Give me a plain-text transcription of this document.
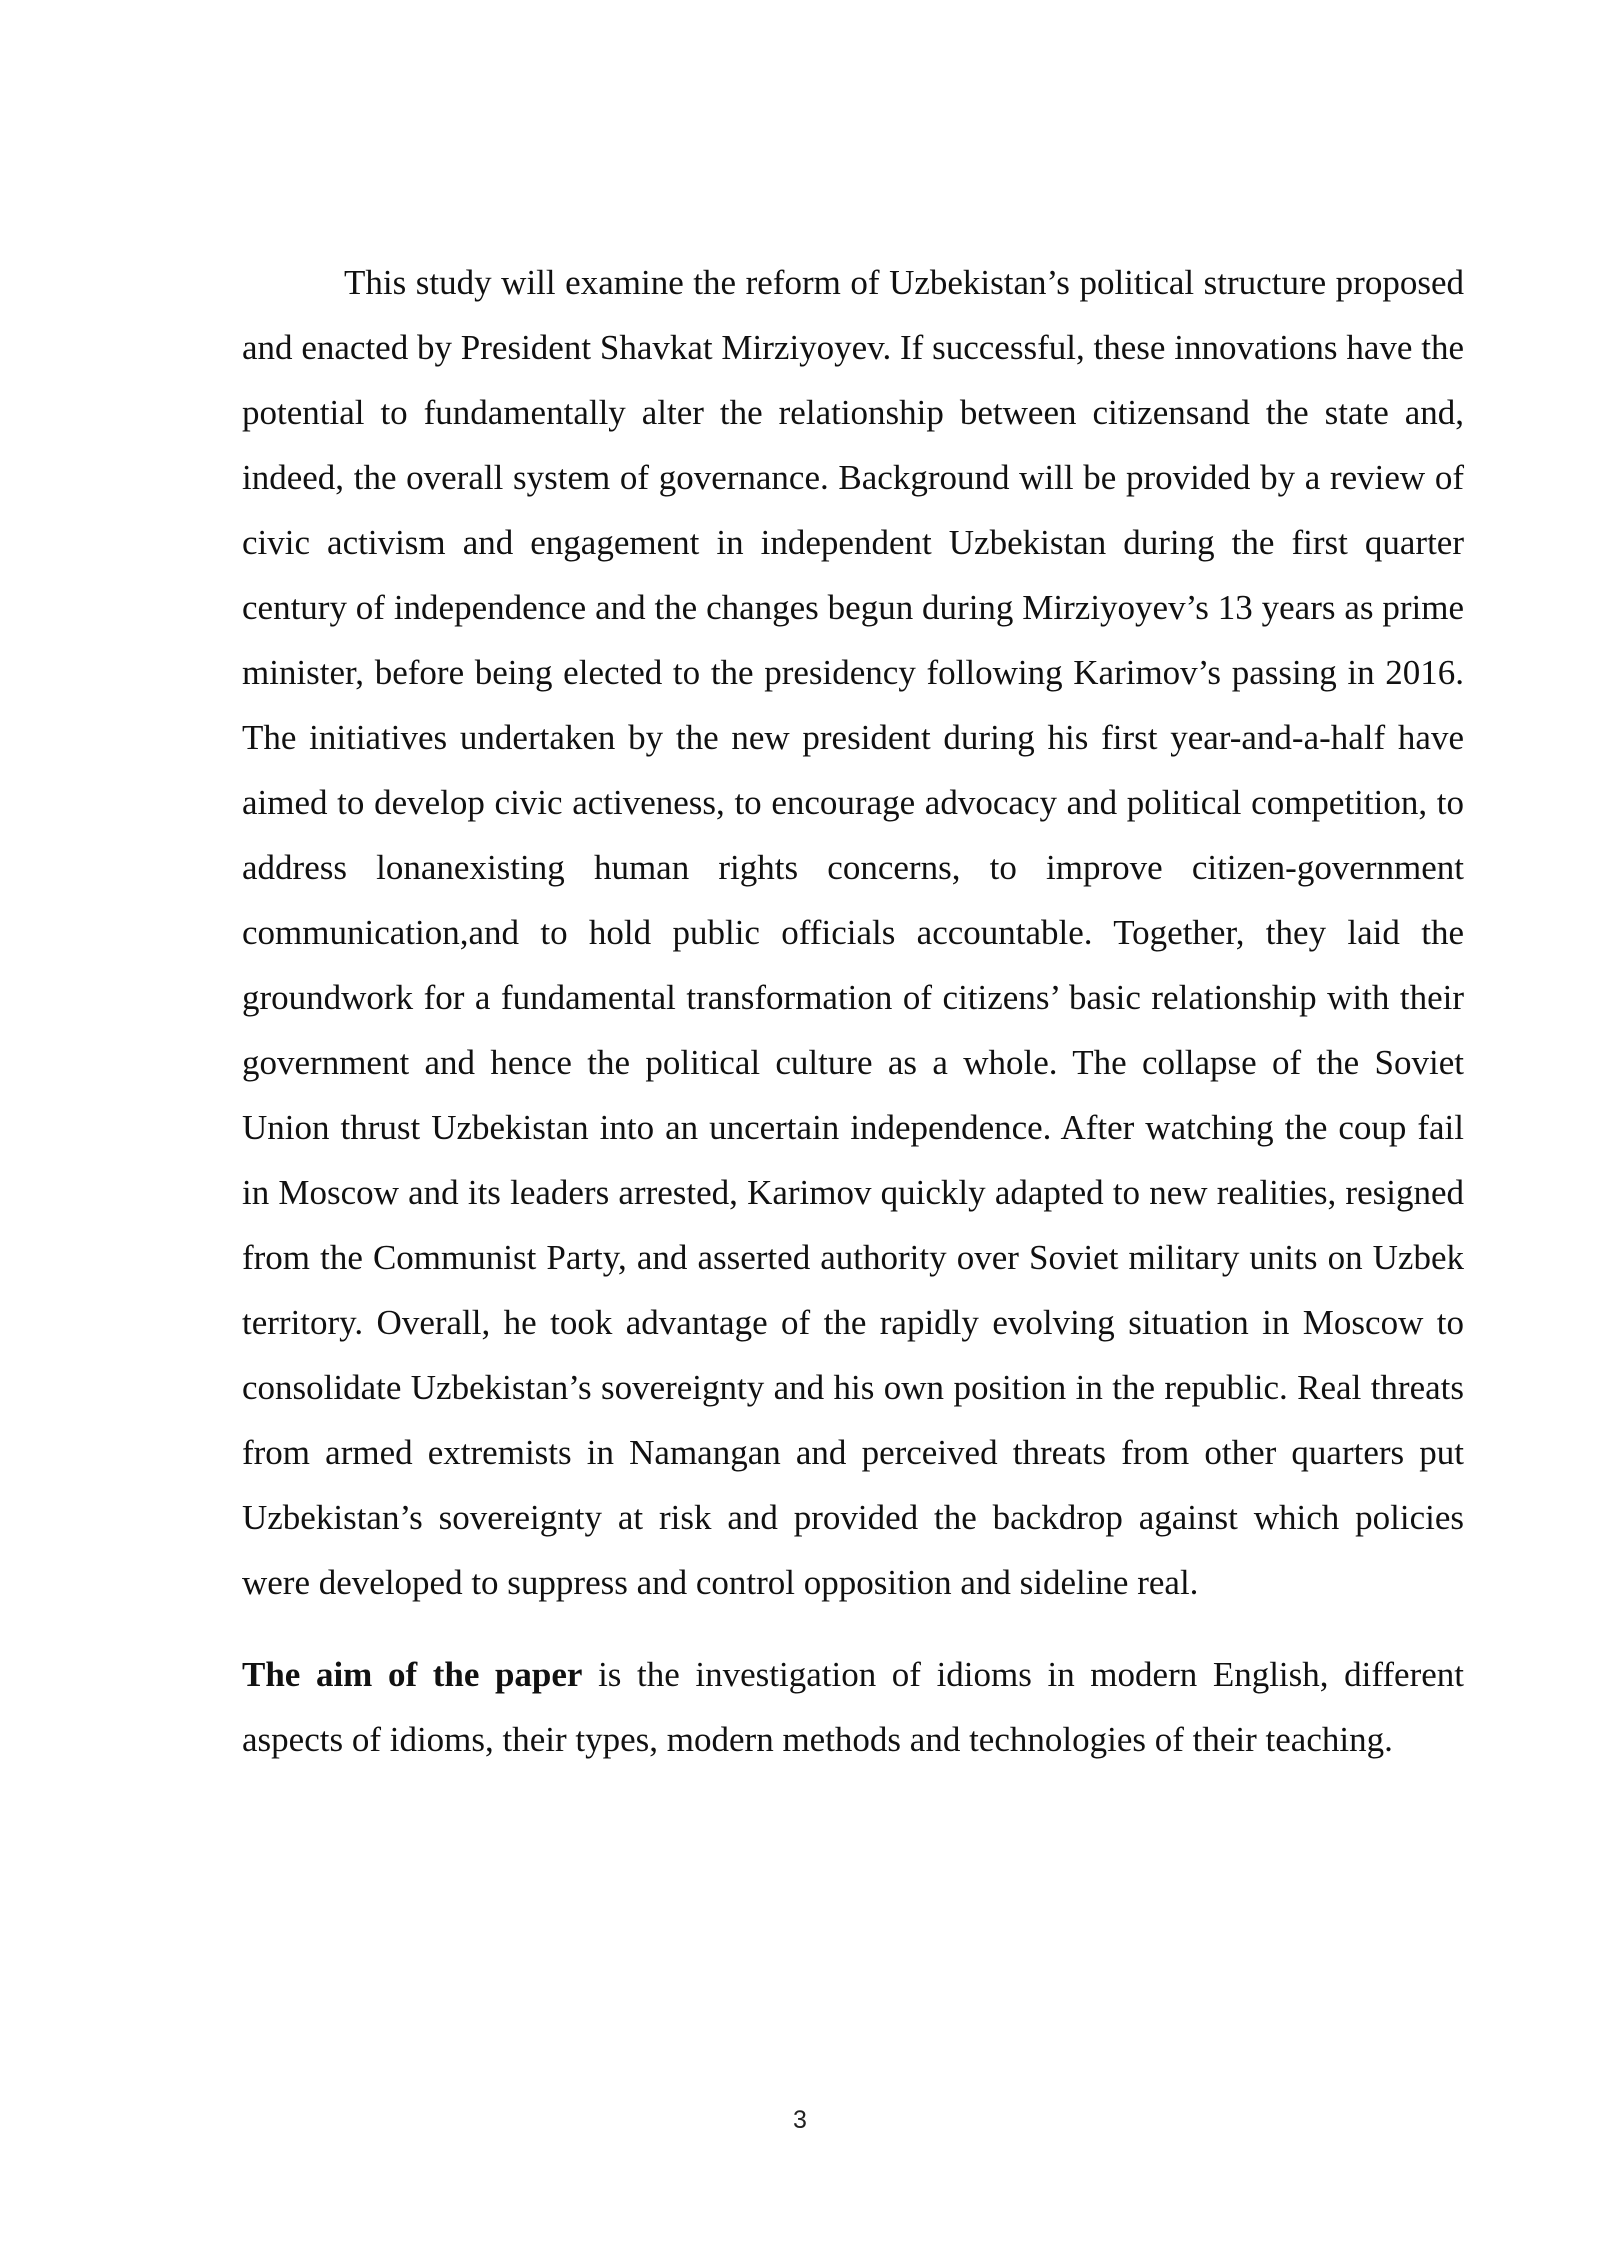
This study will examine the reform of Uzbekistan’s political structure proposed and enacted by President Shavkat Mirziyoyev. If successful, these innovations have the potential to fundamentally alter the relationship between citizensand the state and, indeed, the overall system of governance. Background will be provided by a review of civic activism and engagement in independent Uzbekistan during the first quarter century of independence and the changes begun during Mirziyoyev’s 13 years as prime minister, before being elected to the presidency following Karimov’s passing in 2016. The initiatives undertaken by the new president during his first year-and-a-half have aimed to develop civic activeness, to encourage advocacy and political competition, to address lonanexisting human rights concerns, to improve citizen-government communication,and to hold public officials accountable. Together, they laid the groundwork for a fundamental transformation of citizens’ basic relationship with their government and hence the political culture as a whole. The collapse of the Soviet Union thrust Uzbekistan into an uncertain independence. After watching the coup fail in Moscow and its leaders arrested, Karimov quickly adapted to new realities, resigned from the Communist Party, and asserted authority over Soviet military units on Uzbek territory. Overall, he took advantage of the rapidly evolving situation in Moscow to consolidate Uzbekistan’s sovereignty and his own position in the republic. Real threats from armed extremists in Namangan and perceived threats from other quarters put Uzbekistan’s sovereignty at risk and provided the backdrop against which policies were developed to suppress and control opposition and sideline real.

The aim of the paper is the investigation of idioms in modern English, different aspects of idioms, their types, modern methods and technologies of their teaching.

3
